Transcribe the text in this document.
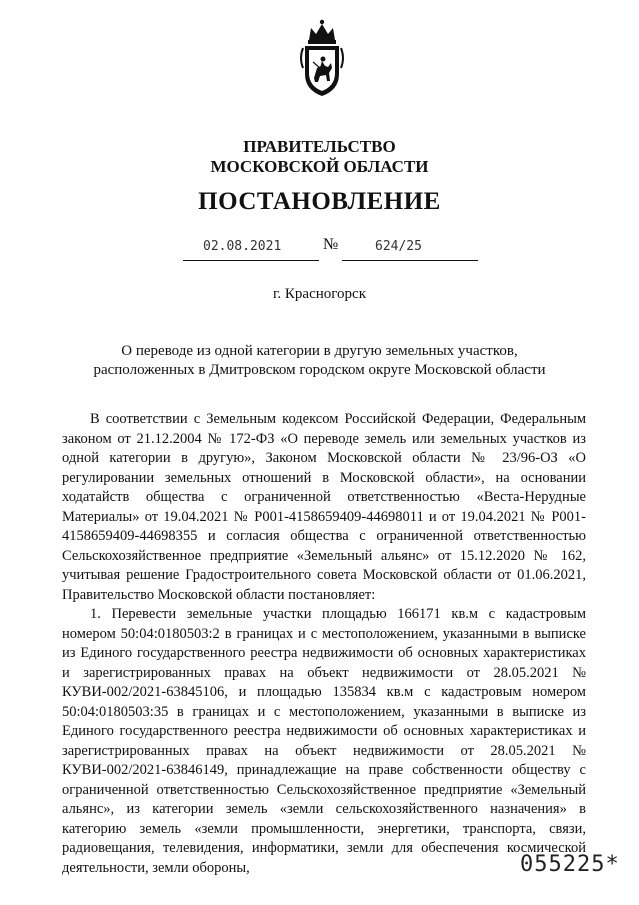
ПРАВИТЕЛЬСТВО
МОСКОВСКОЙ ОБЛАСТИ
ПОСТАНОВЛЕНИЕ
02.08.2021	№	624/25
г. Красногорск
О переводе из одной категории в другую земельных участков,
расположенных в Дмитровском городском округе Московской области

В соответствии с Земельным кодексом Российской Федерации, Федеральным законом от 21.12.2004 № 172-ФЗ «О переводе земель или земельных участков из одной категории в другую», Законом Московской области № 23/96-ОЗ «О регулировании земельных отношений в Московской области», на основании ходатайств общества с ограниченной ответственностью «Веста-Нерудные Материалы» от 19.04.2021 № Р001-4158659409-44698011 и от 19.04.2021 № Р001-4158659409-44698355 и согласия общества с ограниченной ответственностью Сельскохозяйственное предприятие «Земельный альянс» от 15.12.2020 № 162, учитывая решение Градостроительного совета Московской области от 01.06.2021, Правительство Московской области постановляет:

1. Перевести земельные участки площадью 166171 кв.м с кадастровым номером 50:04:0180503:2 в границах и с местоположением, указанными в выписке из Единого государственного реестра недвижимости об основных характеристиках и зарегистрированных правах на объект недвижимости от 28.05.2021 № КУВИ-002/2021-63845106, и площадью 135834 кв.м с кадастровым номером 50:04:0180503:35 в границах и с местоположением, указанными в выписке из Единого государственного реестра недвижимости об основных характеристиках и зарегистрированных правах на объект недвижимости от 28.05.2021 № КУВИ-002/2021-63846149, принадлежащие на праве собственности обществу с ограниченной ответственностью Сельскохозяйственное предприятие «Земельный альянс», из категории земель «земли сельскохозяйственного назначения» в категорию земель «земли промышленности, энергетики, транспорта, связи, радиовещания, телевидения, информатики, земли для обеспечения космической деятельности, земли обороны,	055225*
